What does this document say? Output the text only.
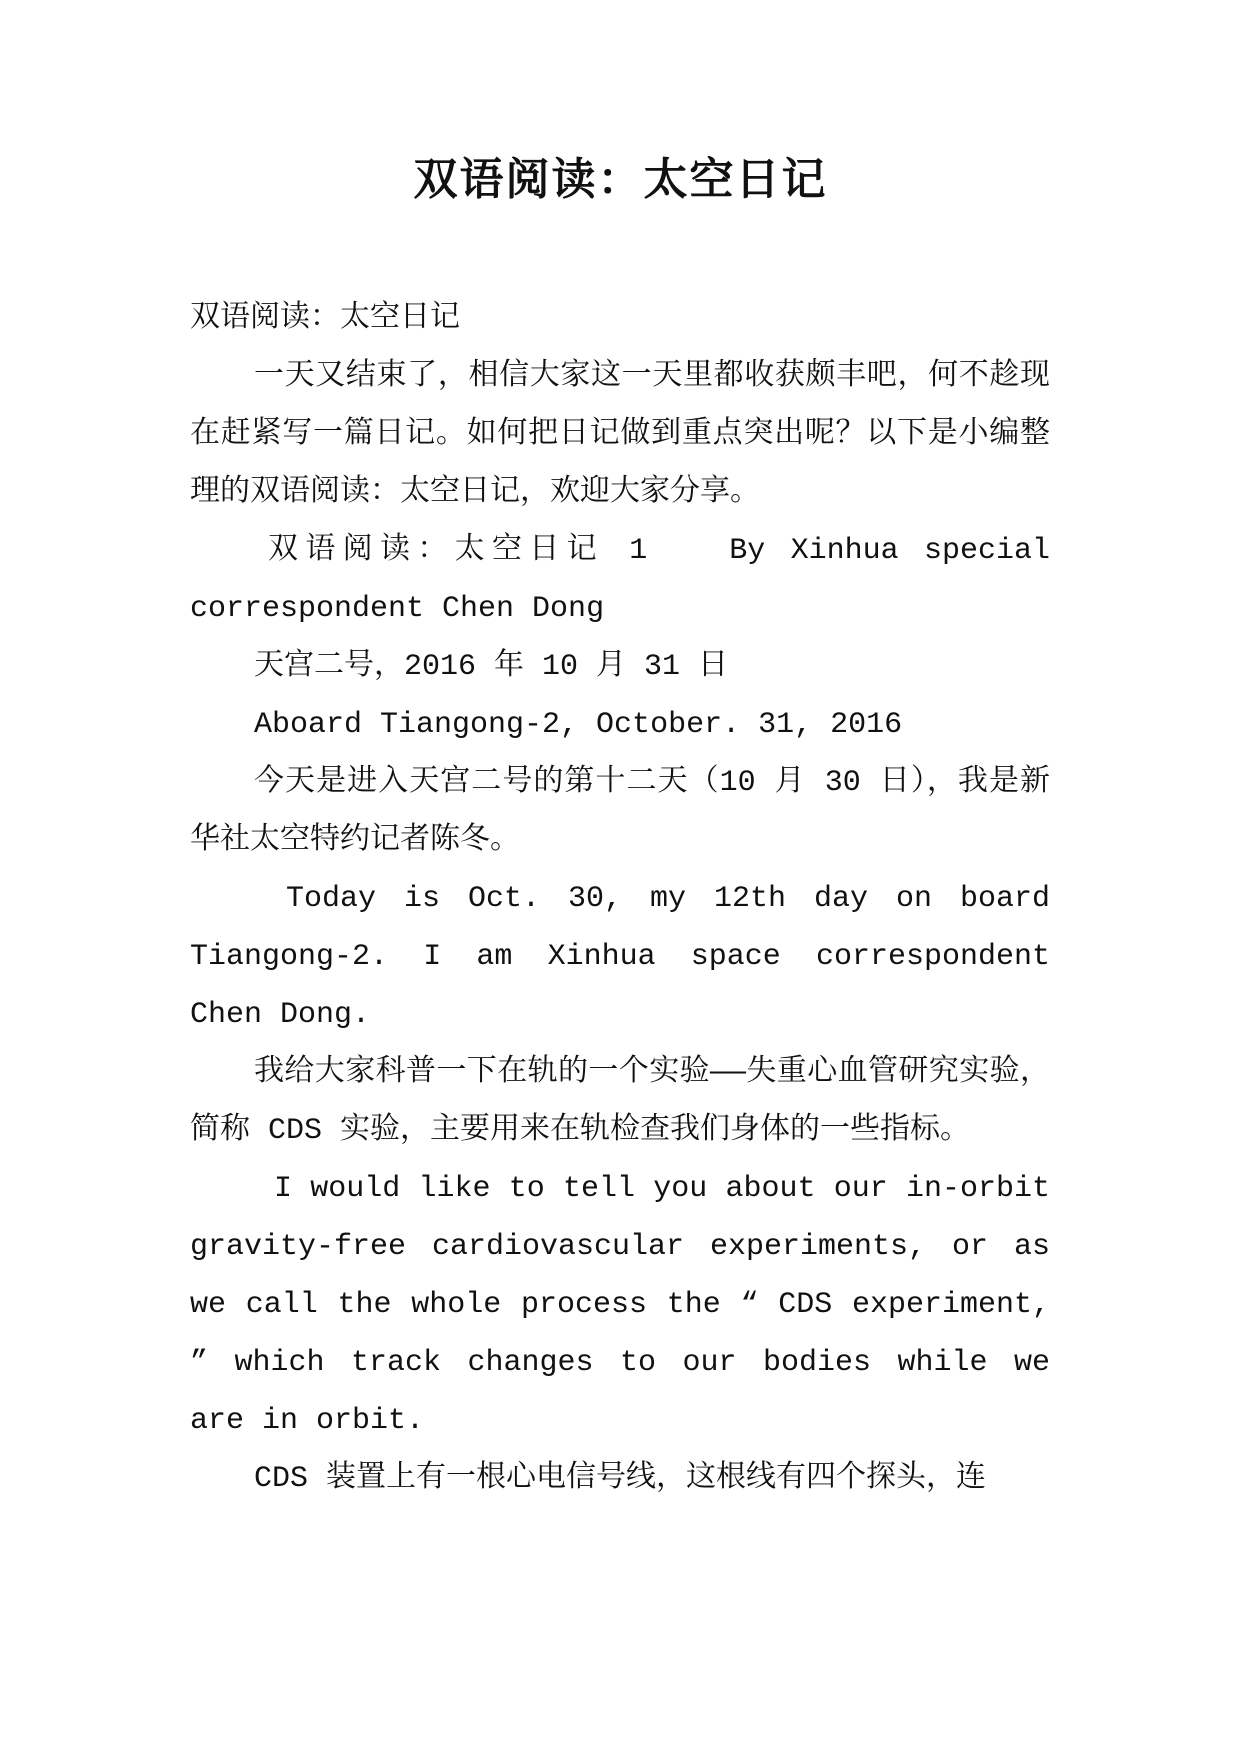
双语阅读：太空日记

双语阅读：太空日记

一天又结束了，相信大家这一天里都收获颇丰吧，何不趁现在赶紧写一篇日记。如何把日记做到重点突出呢？以下是小编整理的双语阅读：太空日记，欢迎大家分享。

双语阅读：太空日记 1　　By Xinhua special correspondent Chen Dong

天宫二号，2016 年 10 月 31 日

Aboard Tiangong-2, October. 31, 2016

今天是进入天宫二号的第十二天（10 月 30 日），我是新华社太空特约记者陈冬。

Today is Oct. 30, my 12th day on board Tiangong-2. I am Xinhua space correspondent Chen Dong.

我给大家科普一下在轨的一个实验——失重心血管研究实验，简称 CDS 实验，主要用来在轨检查我们身体的一些指标。

I would like to tell you about our in-orbit gravity-free cardiovascular experiments, or as we call the whole process the “ CDS experiment, ” which track changes to our bodies while we are in orbit.

CDS 装置上有一根心电信号线，这根线有四个探头，连
